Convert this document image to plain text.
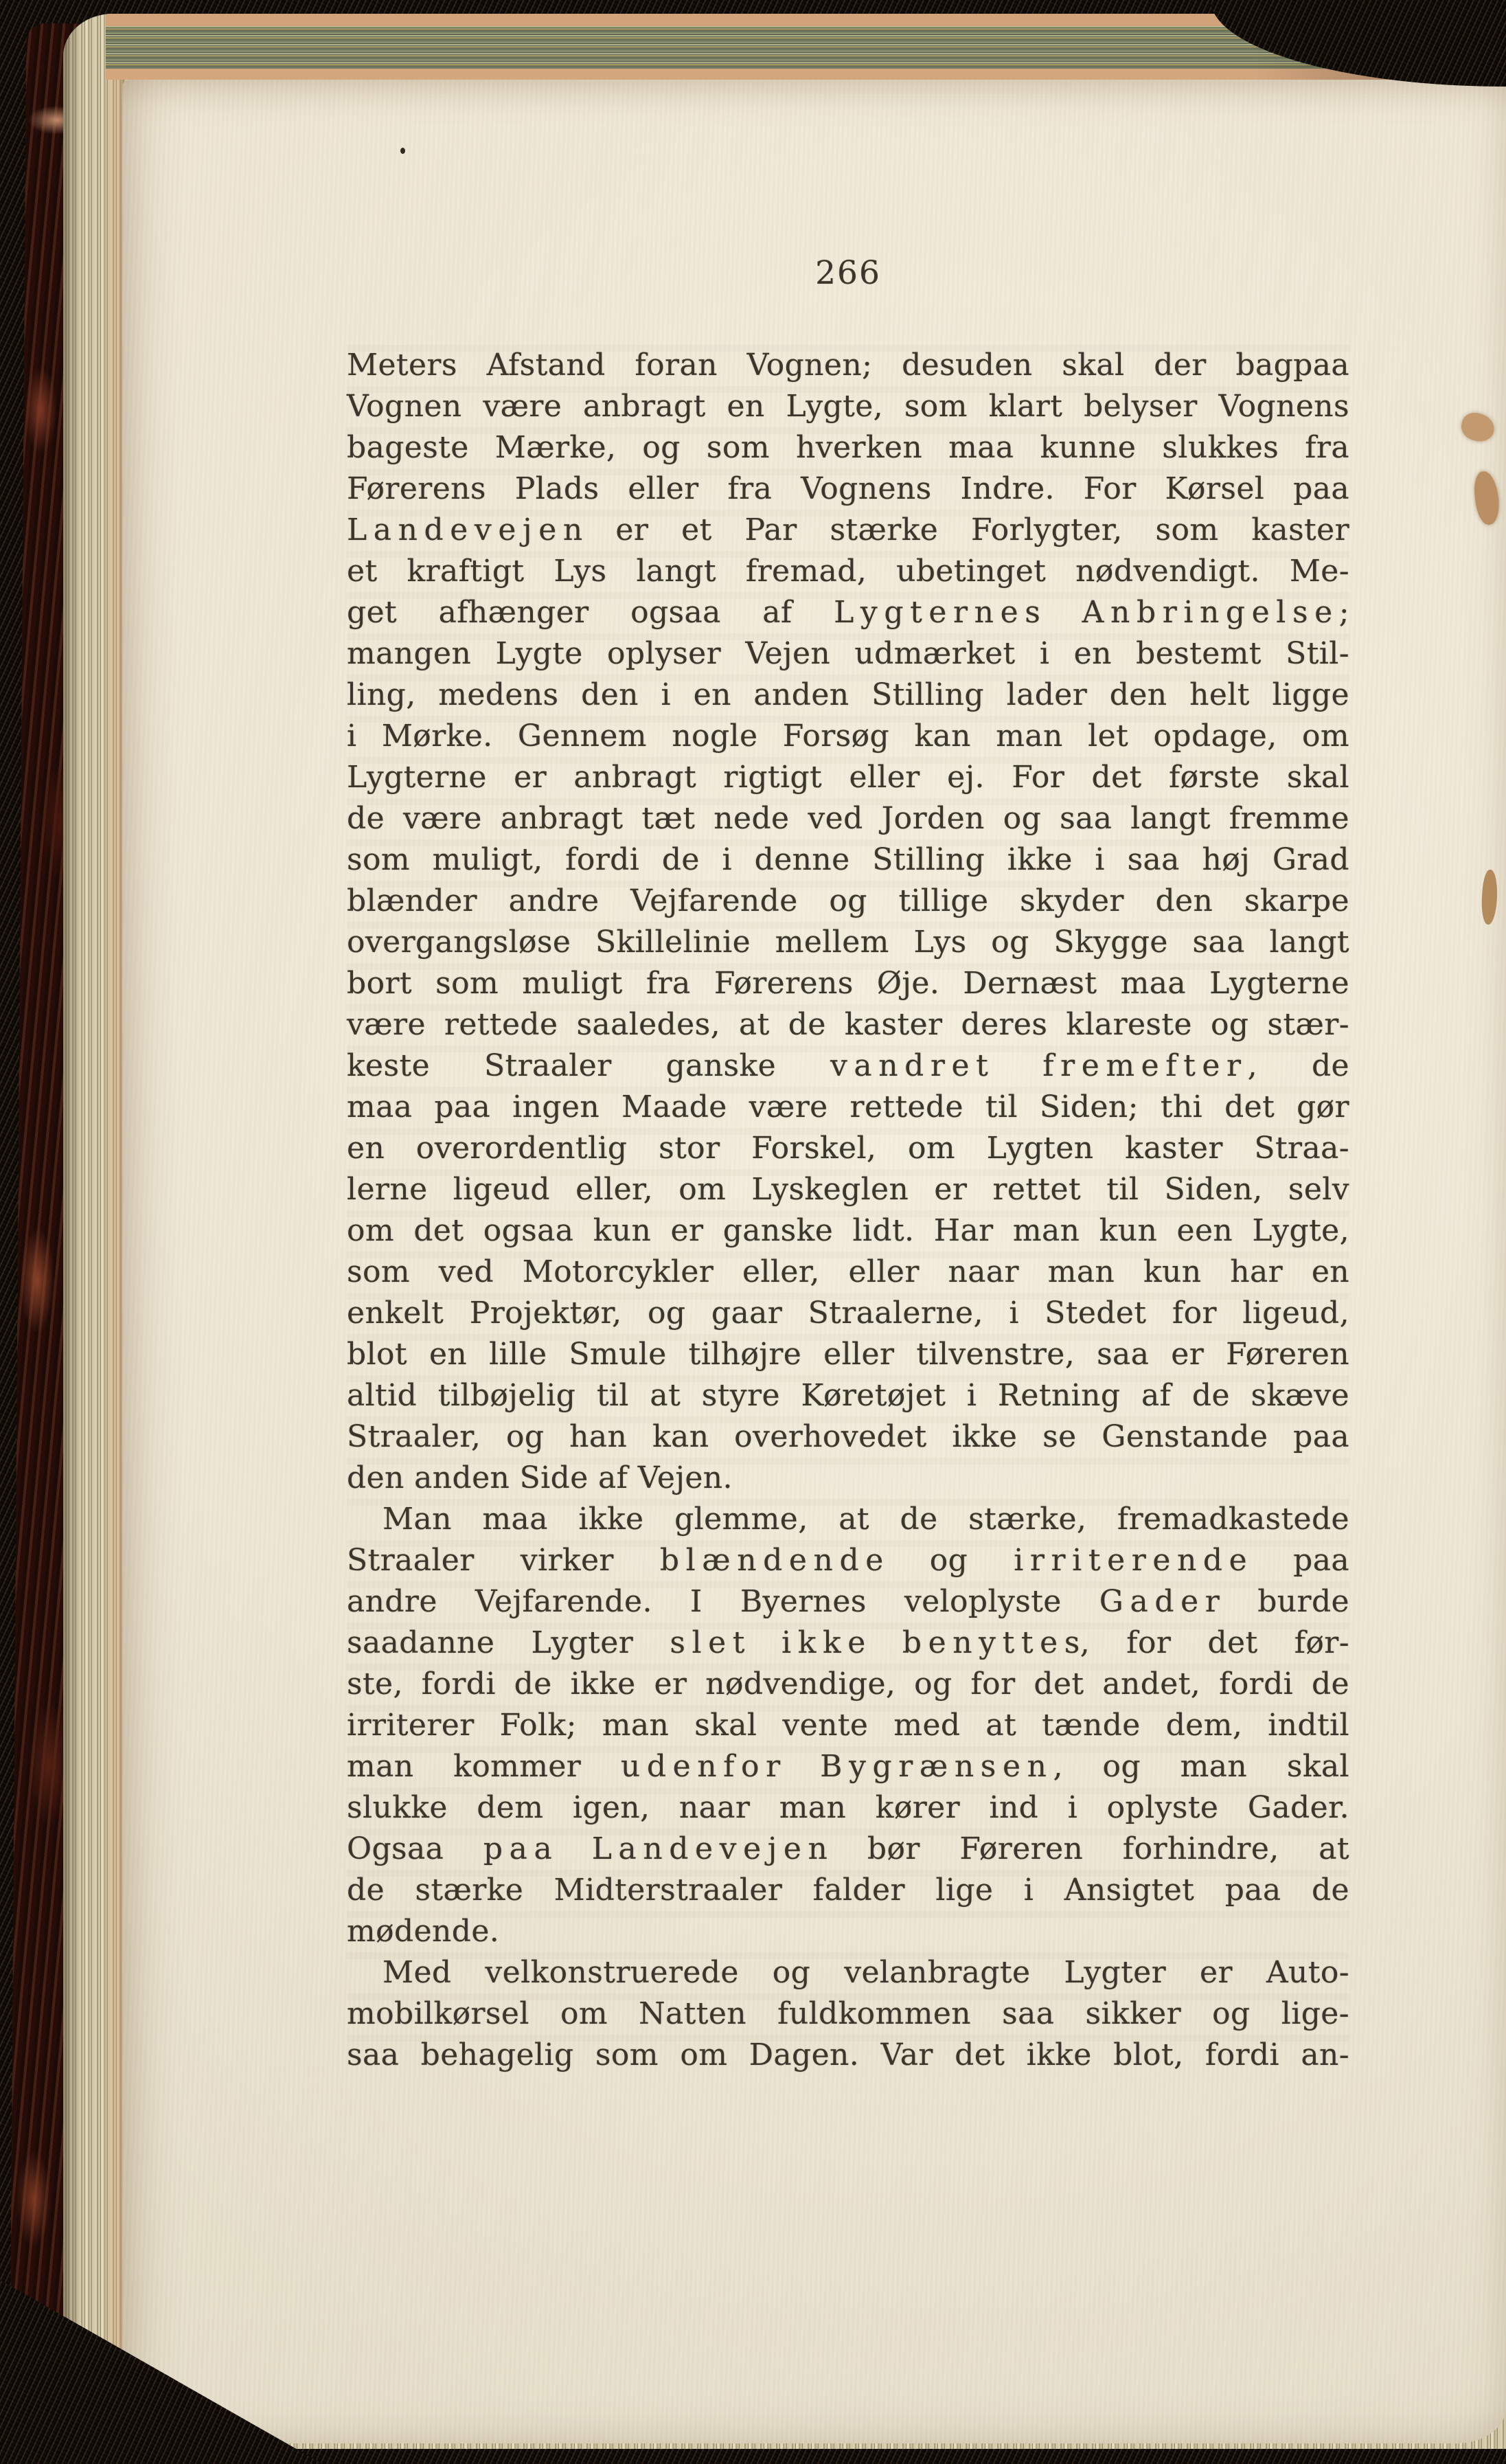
266
Meters Afstand foran Vognen; desuden skal der bagpaa
Vognen være anbragt en Lygte, som klart belyser Vognens
bageste Mærke, og som hverken maa kunne slukkes fra
Førerens Plads eller fra Vognens Indre. For Kørsel paa
L a n d e v e j e n er et Par stærke Forlygter, som kaster
et kraftigt Lys langt fremad, ubetinget nødvendigt. Me-
get afhænger ogsaa af L y g t e r n e s A n b r i n g e l s e ;
mangen Lygte oplyser Vejen udmærket i en bestemt Stil-
ling, medens den i en anden Stilling lader den helt ligge
i Mørke. Gennem nogle Forsøg kan man let opdage, om
Lygterne er anbragt rigtigt eller ej. For det første skal
de være anbragt tæt nede ved Jorden og saa langt fremme
som muligt, fordi de i denne Stilling ikke i saa høj Grad
blænder andre Vejfarende og tillige skyder den skarpe
overgangsløse Skillelinie mellem Lys og Skygge saa langt
bort som muligt fra Førerens Øje. Dernæst maa Lygterne
være rettede saaledes, at de kaster deres klareste og stær-
keste Straaler ganske v a n d r e t f r e m e f t e r , de
maa paa ingen Maade være rettede til Siden; thi det gør
en overordentlig stor Forskel, om Lygten kaster Straa-
lerne ligeud eller, om Lyskeglen er rettet til Siden, selv
om det ogsaa kun er ganske lidt. Har man kun een Lygte,
som ved Motorcykler eller, eller naar man kun har en
enkelt Projektør, og gaar Straalerne, i Stedet for ligeud,
blot en lille Smule tilhøjre eller tilvenstre, saa er Føreren
altid tilbøjelig til at styre Køretøjet i Retning af de skæve
Straaler, og han kan overhovedet ikke se Genstande paa
den anden Side af Vejen.
Man maa ikke glemme, at de stærke, fremadkastede
Straaler virker b l æ n d e n d e og i r r i t e r e n d e paa
andre Vejfarende. I Byernes veloplyste G a d e r burde
saadanne Lygter s l e t i k k e b e n y t t e s, for det før-
ste, fordi de ikke er nødvendige, og for det andet, fordi de
irriterer Folk; man skal vente med at tænde dem, indtil
man kommer u d e n f o r B y g r æ n s e n , og man skal
slukke dem igen, naar man kører ind i oplyste Gader.
Ogsaa p a a L a n d e v e j e n bør Føreren forhindre, at
de stærke Midterstraaler falder lige i Ansigtet paa de
mødende.
Med velkonstruerede og velanbragte Lygter er Auto-
mobilkørsel om Natten fuldkommen saa sikker og lige-
saa behagelig som om Dagen. Var det ikke blot, fordi an-
